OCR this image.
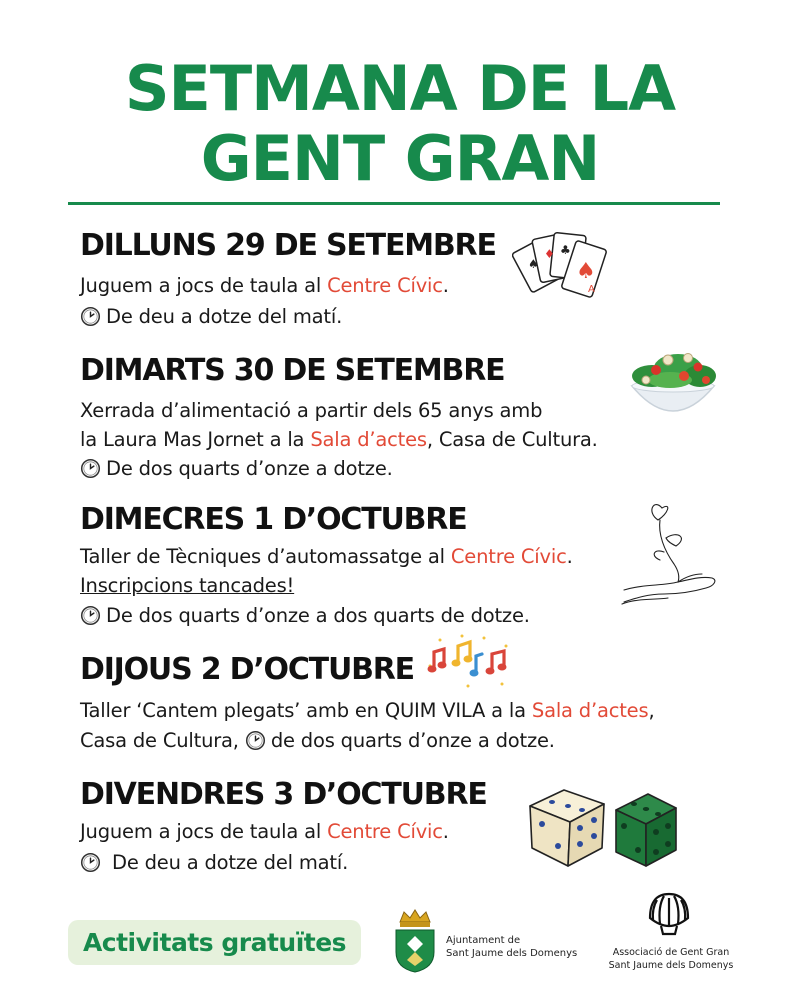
SETMANA DE LA
GENT GRAN
DILLUNS 29 DE SETEMBRE
Juguem a jocs de taula al Centre Cívic.
De deu a dotze del matí.
♠
♦ ♣
♠
A
DIMARTS 30 DE SETEMBRE
Xerrada d’alimentació a partir dels 65 anys amb
la Laura Mas Jornet a la Sala d’actes, Casa de Cultura.
De dos quarts d’onze a dotze.
DIMECRES 1 D’OCTUBRE
Taller de Tècniques d’automassatge al Centre Cívic.
Inscripcions tancades!
De dos quarts d’onze a dos quarts de dotze.
DIJOUS 2 D’OCTUBRE
Taller ‘Cantem plegats’ amb en QUIM VILA a la Sala d’actes,
Casa de Cultura, de dos quarts d’onze a dotze.
DIVENDRES 3 D’OCTUBRE
Juguem a jocs de taula al Centre Cívic.
De deu a dotze del matí.
Activitats gratuïtes	Ajuntament de
Sant Jaume dels Domenys	Associació de Gent Gran
Sant Jaume dels Domenys
